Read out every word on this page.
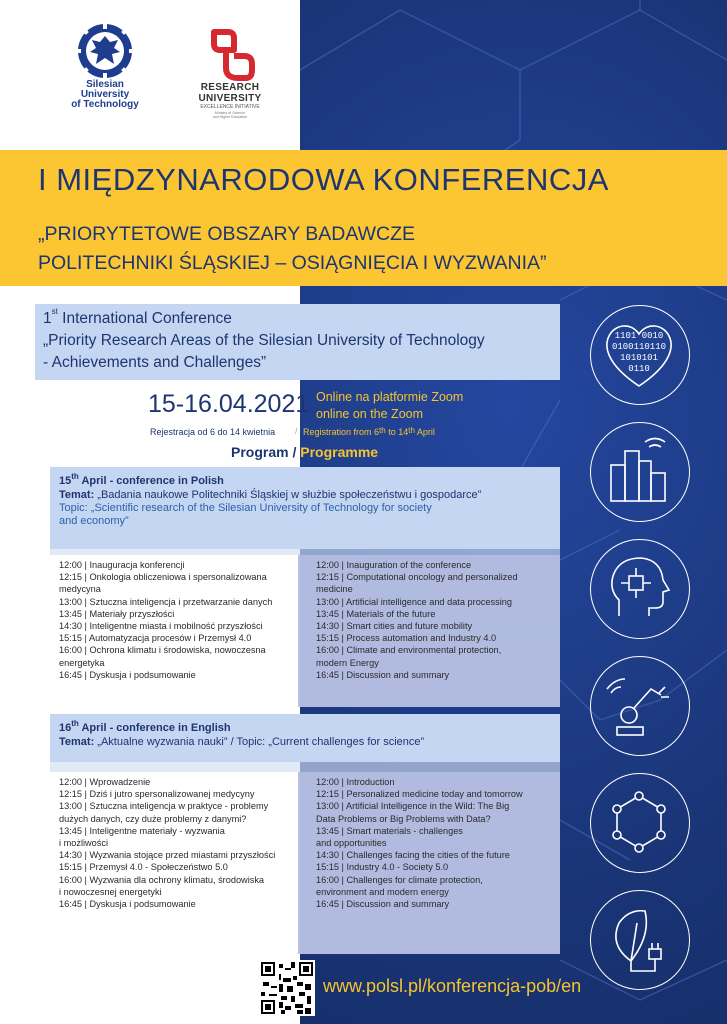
Silesian
University
of Technology
RESEARCH
UNIVERSITY
EXCELLENCE INITIATIVE
Ministry of Science
and Higher Education
I MIĘDZYNARODOWA KONFERENCJA
„PRIORYTETOWE OBSZARY BADAWCZE
POLITECHNIKI ŚLĄSKIEJ – OSIĄGNIĘCIA I WYZWANIA”
1st International Conference
„Priority Research Areas of the Silesian University of Technology
- Achievements and Challenges”
15-16.04.2021 Online na platformie Zoom
online on the Zoom
Rejestracja od 6 do 14 kwietnia / Registration from 6th to 14th April
Program / Programme
15th April - conference in Polish
Temat: „Badania naukowe Politechniki Śląskiej w służbie społeczeństwu i gospodarce”
Topic: „Scientific research of the Silesian University of Technology for society
and economy”
12:00 | Inauguracja konferencji
12:15 | Onkologia obliczeniowa i spersonalizowana
medycyna
13:00 | Sztuczna inteligencja i przetwarzanie danych
13:45 | Materiały przyszłości
14:30 | Inteligentne miasta i mobilność przyszłości
15:15 | Automatyzacja procesów i Przemysł 4.0
16:00 | Ochrona klimatu i środowiska, nowoczesna
energetyka
16:45 | Dyskusja i podsumowanie
12:00 | Inauguration of the conference
12:15 | Computational oncology and personalized
medicine
13:00 | Artificial intelligence and data processing
13:45 | Materials of the future
14:30 | Smart cities and future mobility
15:15 | Process automation and Industry 4.0
16:00 | Climate and environmental protection,
modern Energy
16:45 | Discussion and summary
16th April - conference in English
Temat: „Aktualne wyzwania nauki” / Topic: „Current challenges for science”
12:00 | Wprowadzenie
12:15 | Dziś i jutro spersonalizowanej medycyny
13:00 | Sztuczna inteligencja w praktyce - problemy
dużych danych, czy duże problemy z danymi?
13:45 | Inteligentne materiały - wyzwania
i możliwości
14:30 | Wyzwania stojące przed miastami przyszłości
15:15 | Przemysł 4.0 - Społeczeństwo 5.0
16:00 | Wyzwania dla ochrony klimatu, środowiska
i nowoczesnej energetyki
16:45 | Dyskusja i podsumowanie
12:00 | Introduction
12:15 | Personalized medicine today and tomorrow
13:00 | Artificial Intelligence in the Wild: The Big
Data Problems or Big Problems with Data?
13:45 | Smart materials - challenges
and opportunities
14:30 | Challenges facing the cities of the future
15:15 | Industry 4.0 - Society 5.0
16:00 | Challenges for climate protection,
environment and modern energy
16:45 | Discussion and summary
1101 0010
0100110110
1010101
0110
www.polsl.pl/konferencja-pob/en
